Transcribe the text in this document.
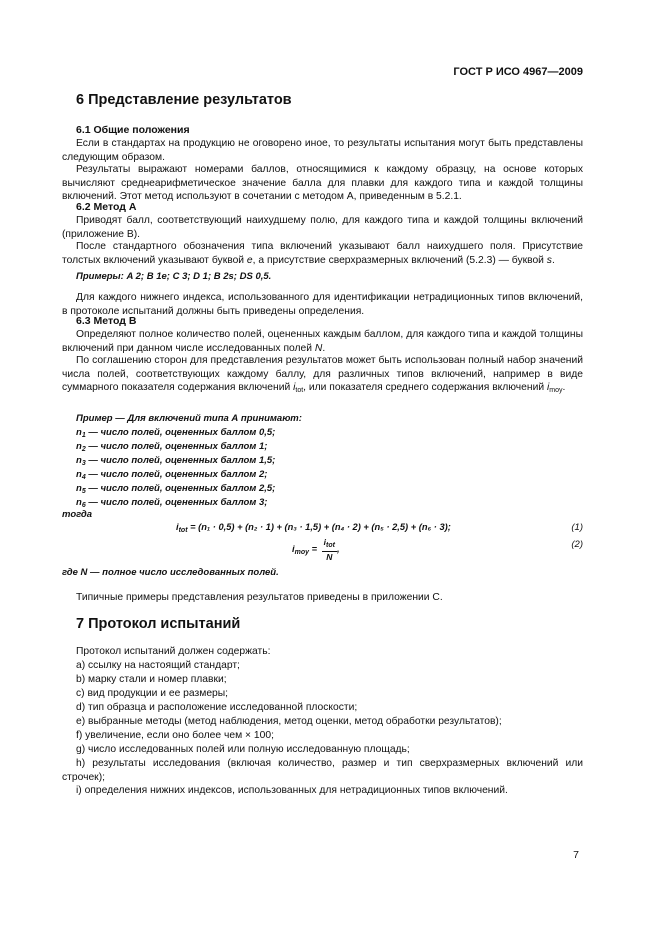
ГОСТ Р ИСО 4967—2009
6 Представление результатов
6.1 Общие положения
Если в стандартах на продукцию не оговорено иное, то результаты испытания могут быть представлены следующим образом.
Результаты выражают номерами баллов, относящимися к каждому образцу, на основе которых вычисляют среднеарифметическое значение балла для плавки для каждого типа и каждой толщины включений. Этот метод используют в сочетании с методом А, приведенным в 5.2.1.
6.2 Метод А
Приводят балл, соответствующий наихудшему полю, для каждого типа и каждой толщины включений (приложение В).
После стандартного обозначения типа включений указывают балл наихудшего поля. Присутствие толстых включений указывают буквой е, а присутствие сверхразмерных включений (5.2.3) — буквой s.
Примеры: A 2; B 1e; C 3; D 1; B 2s; DS 0,5.
Для каждого нижнего индекса, использованного для идентификации нетрадиционных типов включений, в протоколе испытаний должны быть приведены определения.
6.3 Метод В
Определяют полное количество полей, оцененных каждым баллом, для каждого типа и каждой толщины включений при данном числе исследованных полей N.
По соглашению сторон для представления результатов может быть использован полный набор значений числа полей, соответствующих каждому баллу, для различных типов включений, например в виде суммарного показателя содержания включений $i_{tot}$, или показателя среднего содержания включений $i_{moy}$.
Пример — Для включений типа А принимают:
$n_1$ — число полей, оцененных баллом 0,5;
$n_2$ — число полей, оцененных баллом 1;
$n_3$ — число полей, оцененных баллом 1,5;
$n_4$ — число полей, оцененных баллом 2;
$n_5$ — число полей, оцененных баллом 2,5;
$n_6$ — число полей, оцененных баллом 3;
тогда
$i_{tot} = (n_1 \cdot 0,5) + (n_2 \cdot 1) + (n_3 \cdot 1,5) + (n_4 \cdot 2) + (n_5 \cdot 2,5) + (n_6 \cdot 3)$;	(1)
$i_{moy} = \frac{i_{tot}}{N}$ ,	(2)
где N — полное число исследованных полей.
Типичные примеры представления результатов приведены в приложении С.
7 Протокол испытаний
Протокол испытаний должен содержать:
a) ссылку на настоящий стандарт;
b) марку стали и номер плавки;
c) вид продукции и ее размеры;
d) тип образца и расположение исследованной плоскости;
e) выбранные методы (метод наблюдения, метод оценки, метод обработки результатов);
f) увеличение, если оно более чем × 100;
g) число исследованных полей или полную исследованную площадь;
h) результаты исследования (включая количество, размер и тип сверхразмерных включений или строчек);
i) определения нижних индексов, использованных для нетрадиционных типов включений.
7
